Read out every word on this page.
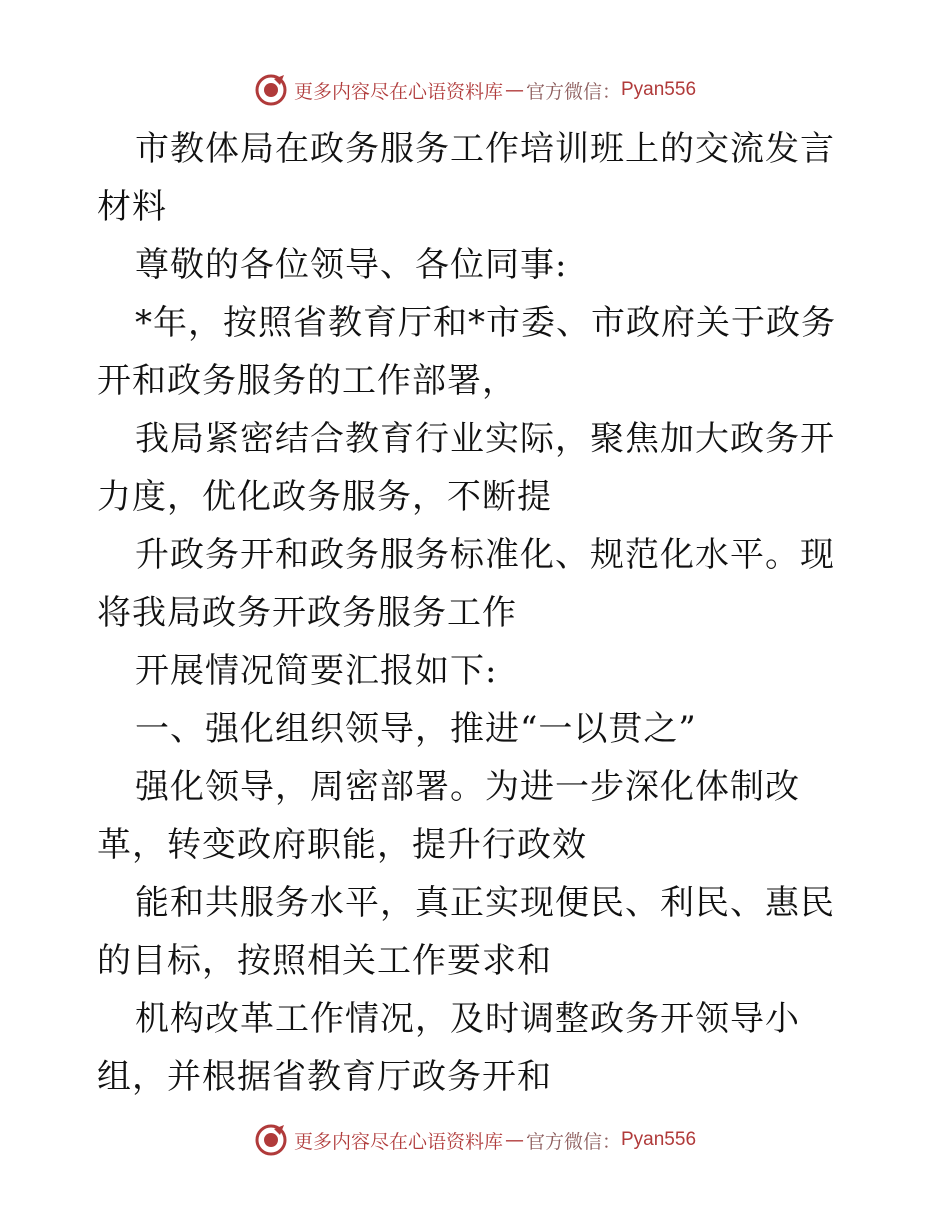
更多内容尽在心语资料库 — 官方微信： Pyan556

市教体局在政务服务工作培训班上的交流发言材料

尊敬的各位领导、各位同事:

*年，按照省教育厅和*市委、市政府关于政务开和政务服务的工作部署，

我局紧密结合教育行业实际，聚焦加大政务开力度，优化政务服务，不断提

升政务开和政务服务标准化、规范化水平。现将我局政务开政务服务工作

开展情况简要汇报如下:

一、强化组织领导，推进“一以贯之”

强化领导，周密部署。为进一步深化体制改革，转变政府职能，提升行政效

能和共服务水平，真正实现便民、利民、惠民的目标，按照相关工作要求和

机构改革工作情况，及时调整政务开领导小组，并根据省教育厅政务开和

更多内容尽在心语资料库 — 官方微信： Pyan556
